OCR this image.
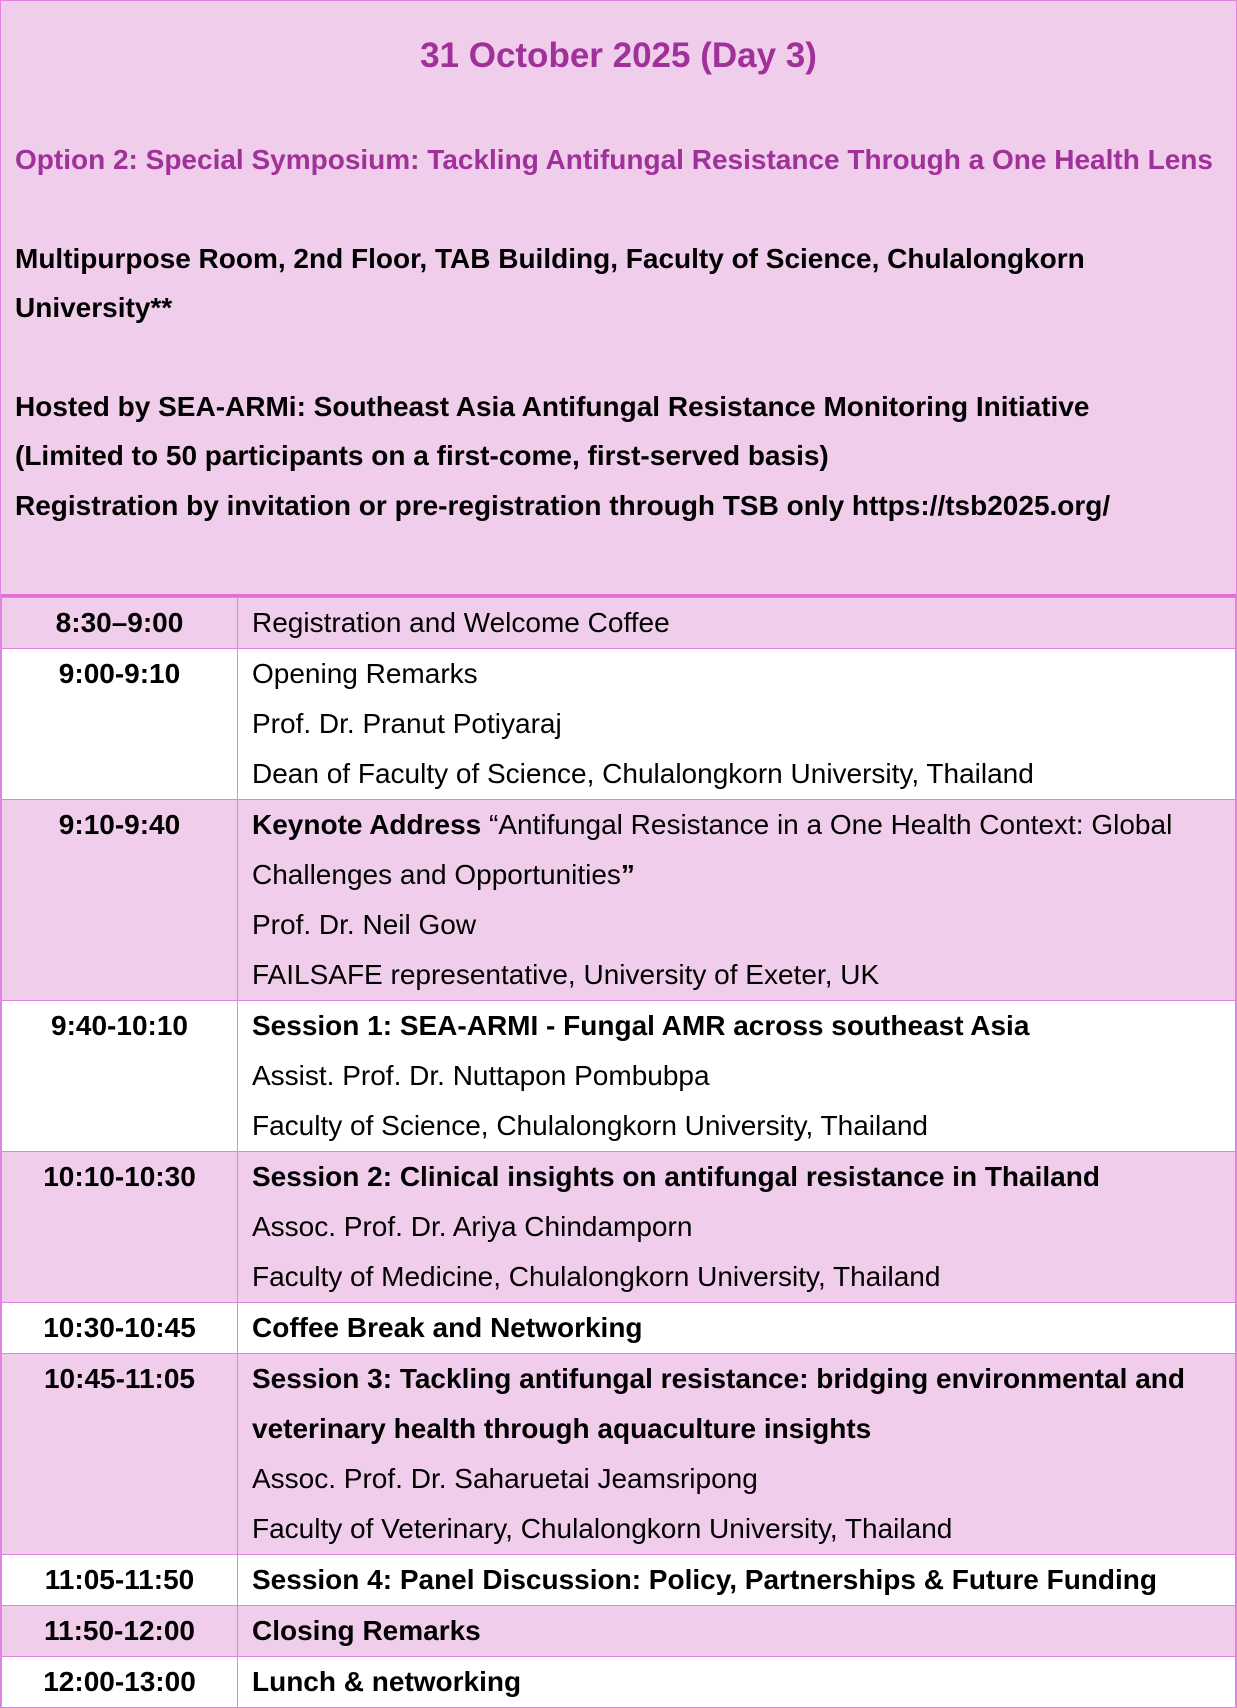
31 October 2025 (Day 3)
Option 2: Special Symposium: Tackling Antifungal Resistance Through a One Health Lens
Multipurpose Room, 2nd Floor, TAB Building, Faculty of Science, Chulalongkorn University**
Hosted by SEA-ARMi: Southeast Asia Antifungal Resistance Monitoring Initiative
(Limited to 50 participants on a first-come, first-served basis)
Registration by invitation or pre-registration through TSB only https://tsb2025.org/
8:30–9:00	Registration and Welcome Coffee

9:00-9:10	Opening Remarks
Prof. Dr. Pranut Potiyaraj
Dean of Faculty of Science, Chulalongkorn University, Thailand

9:10-9:40	Keynote Address “Antifungal Resistance in a One Health Context: Global Challenges and Opportunities”
Prof. Dr. Neil Gow
FAILSAFE representative, University of Exeter, UK

9:40-10:10	Session 1: SEA-ARMI - Fungal AMR across southeast Asia
Assist. Prof. Dr. Nuttapon Pombubpa
Faculty of Science, Chulalongkorn University, Thailand

10:10-10:30	Session 2: Clinical insights on antifungal resistance in Thailand
Assoc. Prof. Dr. Ariya Chindamporn
Faculty of Medicine, Chulalongkorn University, Thailand

10:30-10:45	Coffee Break and Networking

10:45-11:05	Session 3: Tackling antifungal resistance: bridging environmental and veterinary health through aquaculture insights
Assoc. Prof. Dr. Saharuetai Jeamsripong
Faculty of Veterinary, Chulalongkorn University, Thailand

11:05-11:50	Session 4: Panel Discussion: Policy, Partnerships & Future Funding

11:50-12:00	Closing Remarks

12:00-13:00	Lunch & networking
